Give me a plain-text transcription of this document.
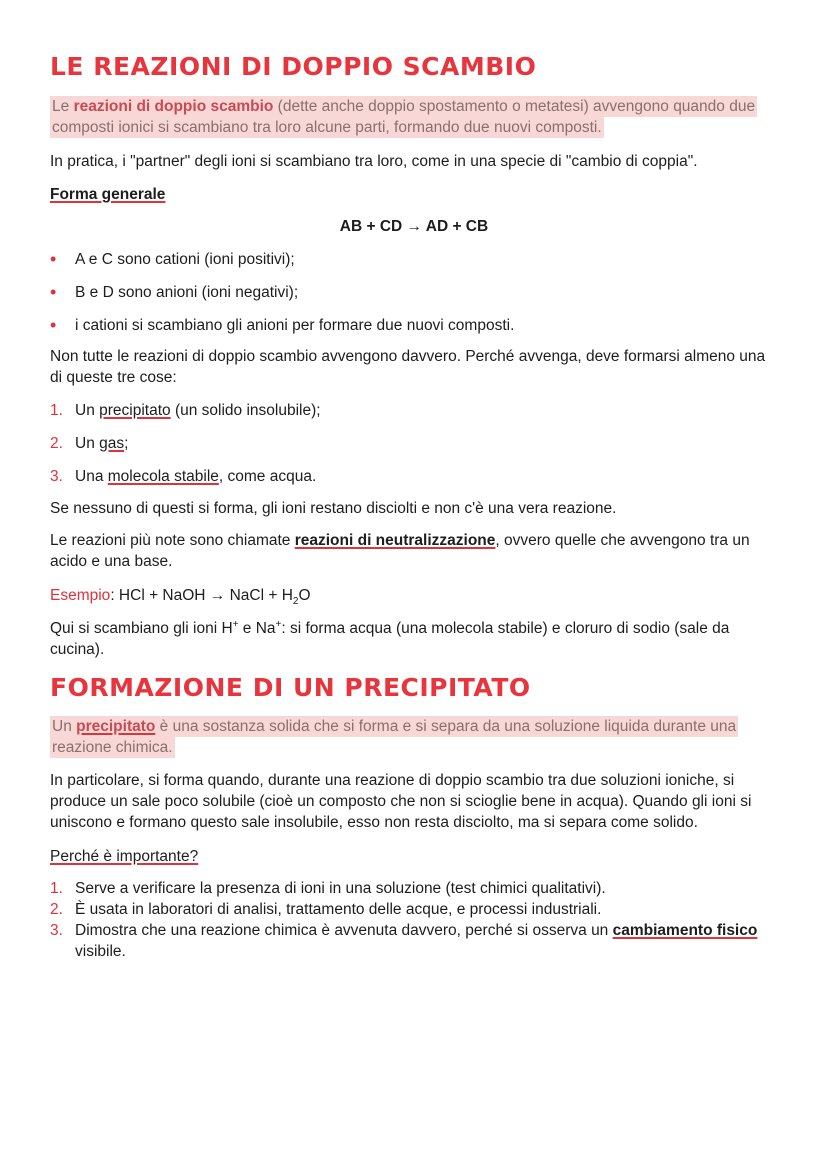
LE REAZIONI DI DOPPIO SCAMBIO

Le reazioni di doppio scambio (dette anche doppio spostamento o metatesi) avvengono quando due composti ionici si scambiano tra loro alcune parti, formando due nuovi composti.

In pratica, i "partner" degli ioni si scambiano tra loro, come in una specie di "cambio di coppia".

Forma generale

AB + CD → AD + CB

•	A e C sono cationi (ioni positivi);
•	B e D sono anioni (ioni negativi);
•	i cationi si scambiano gli anioni per formare due nuovi composti.

Non tutte le reazioni di doppio scambio avvengono davvero. Perché avvenga, deve formarsi almeno una di queste tre cose:

1. Un precipitato (un solido insolubile);
2. Un gas;
3. Una molecola stabile, come acqua.

Se nessuno di questi si forma, gli ioni restano disciolti e non c'è una vera reazione.

Le reazioni più note sono chiamate reazioni di neutralizzazione, ovvero quelle che avvengono tra un acido e una base.

Esempio: HCl + NaOH → NaCl + $H_2O$

Qui si scambiano gli ioni H+ e Na+: si forma acqua (una molecola stabile) e cloruro di sodio (sale da cucina).

FORMAZIONE DI UN PRECIPITATO

Un precipitato è una sostanza solida che si forma e si separa da una soluzione liquida durante una reazione chimica.

In particolare, si forma quando, durante una reazione di doppio scambio tra due soluzioni ioniche, si produce un sale poco solubile (cioè un composto che non si scioglie bene in acqua). Quando gli ioni si uniscono e formano questo sale insolubile, esso non resta disciolto, ma si separa come solido.

Perché è importante?

1. Serve a verificare la presenza di ioni in una soluzione (test chimici qualitativi).
2. È usata in laboratori di analisi, trattamento delle acque, e processi industriali.
3. Dimostra che una reazione chimica è avvenuta davvero, perché si osserva un cambiamento fisico visibile.
